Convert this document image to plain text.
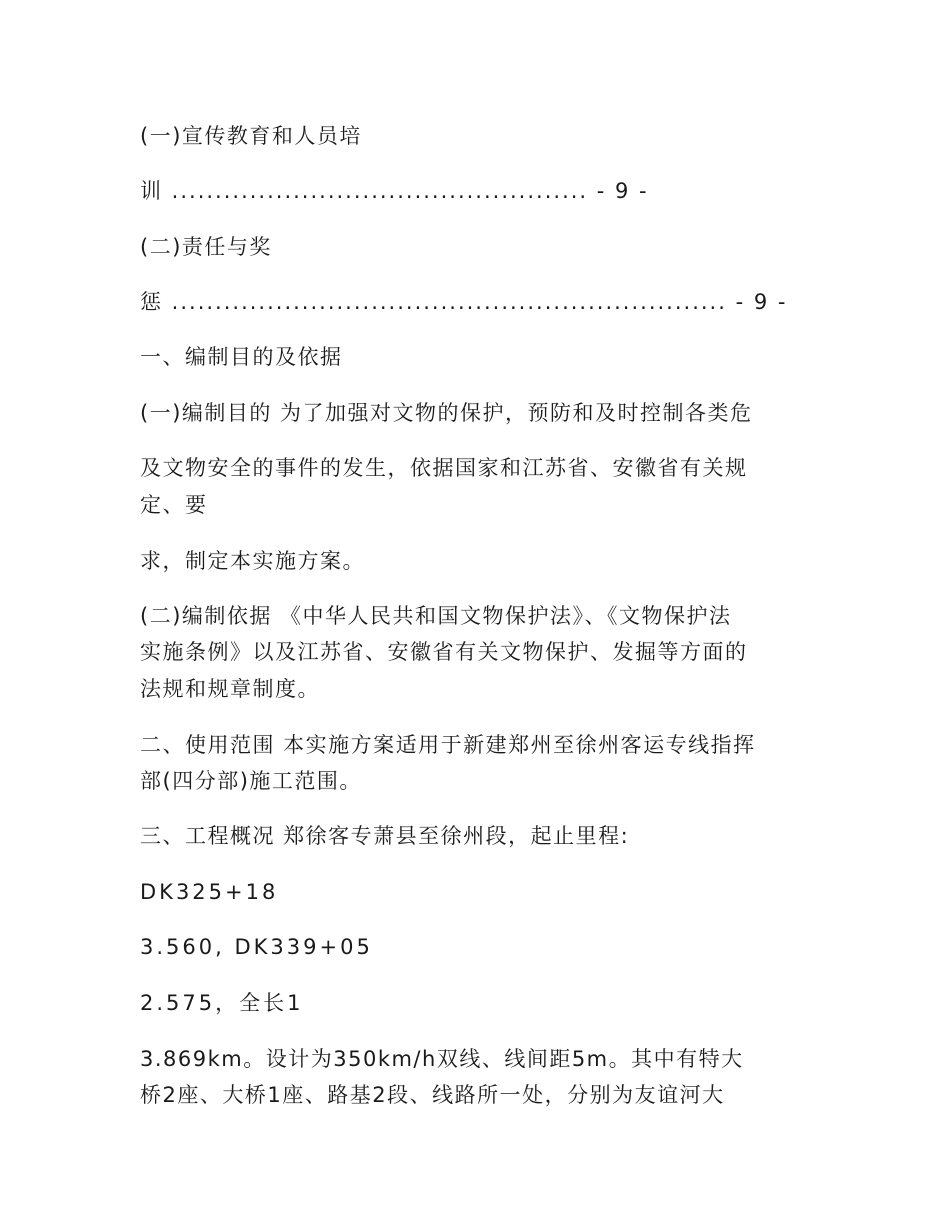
(一)宣传教育和人员培
训 ................................................ - 9 -
(二)责任与奖
惩 ................................................................ - 9 -
一、编制目的及依据
(一)编制目的 为了加强对文物的保护，预防和及时控制各类危
及文物安全的事件的发生，依据国家和江苏省、安徽省有关规
定、要
求，制定本实施方案。
(二)编制依据 《中华人民共和国文物保护法》、《文物保护法
实施条例》以及江苏省、安徽省有关文物保护、发掘等方面的
法规和规章制度。
二、使用范围 本实施方案适用于新建郑州至徐州客运专线指挥
部(四分部)施工范围。
三、工程概况 郑徐客专萧县至徐州段，起止里程:
DK325+18
3.560, DK339+05
2.575，全长1
3.869km。设计为350km/h双线、线间距5m。其中有特大
桥2座、大桥1座、路基2段、线路所一处，分别为友谊河大
